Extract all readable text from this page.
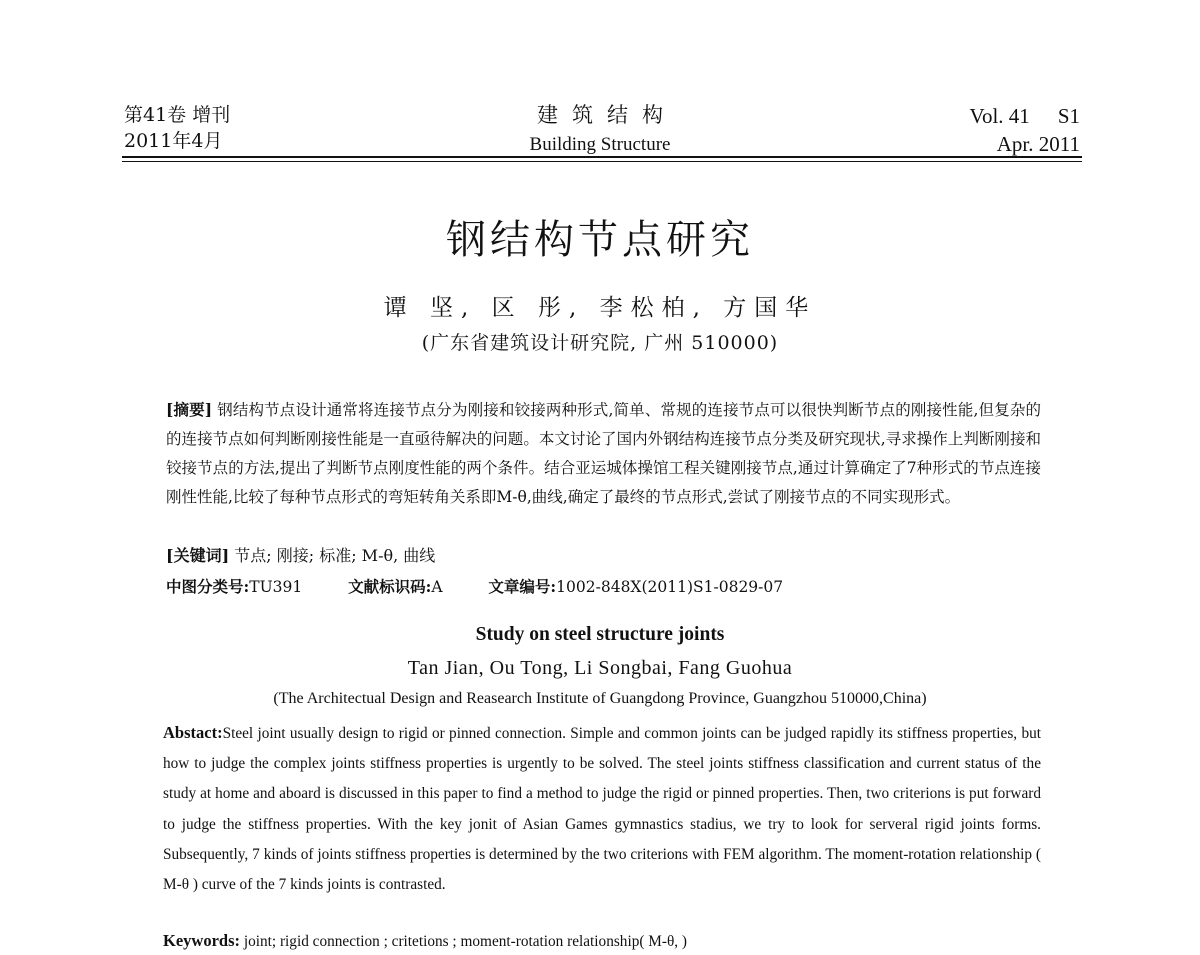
第41卷 增刊
2011年4月
建筑结构
Building Structure
Vol. 41 S1
Apr. 2011
钢结构节点研究
谭 坚, 区 彤, 李松柏, 方国华
(广东省建筑设计研究院, 广州 510000)
[摘要] 钢结构节点设计通常将连接节点分为刚接和铰接两种形式,简单、常规的连接节点可以很快判断节点的刚接性能,但复杂的的连接节点如何判断刚接性能是一直亟待解决的问题。本文讨论了国内外钢结构连接节点分类及研究现状,寻求操作上判断刚接和铰接节点的方法,提出了判断节点刚度性能的两个条件。结合亚运城体操馆工程关键刚接节点,通过计算确定了7种形式的节点连接刚性性能,比较了每种节点形式的弯矩转角关系即M-θ,曲线,确定了最终的节点形式,尝试了刚接节点的不同实现形式。
[关键词] 节点; 刚接; 标准; M-θ, 曲线
中图分类号:TU391	文献标识码:A	文章编号:1002-848X(2011)S1-0829-07
Study on steel structure joints
Tan Jian, Ou Tong, Li Songbai, Fang Guohua
(The Architectual Design and Reasearch Institute of Guangdong Province, Guangzhou 510000,China)
Abstact:Steel joint usually design to rigid or pinned connection. Simple and common joints can be judged rapidly its stiffness properties, but how to judge the complex joints stiffness properties is urgently to be solved. The steel joints stiffness classification and current status of the study at home and aboard is discussed in this paper to find a method to judge the rigid or pinned properties. Then, two criterions is put forward to judge the stiffness properties. With the key jonit of Asian Games gymnastics stadius, we try to look for serveral rigid joints forms. Subsequently, 7 kinds of joints stiffness properties is determined by the two criterions with FEM algorithm. The moment-rotation relationship ( M-θ ) curve of the 7 kinds joints is contrasted.
Keywords: joint; rigid connection ; critetions ; moment-rotation relationship( M-θ, )
